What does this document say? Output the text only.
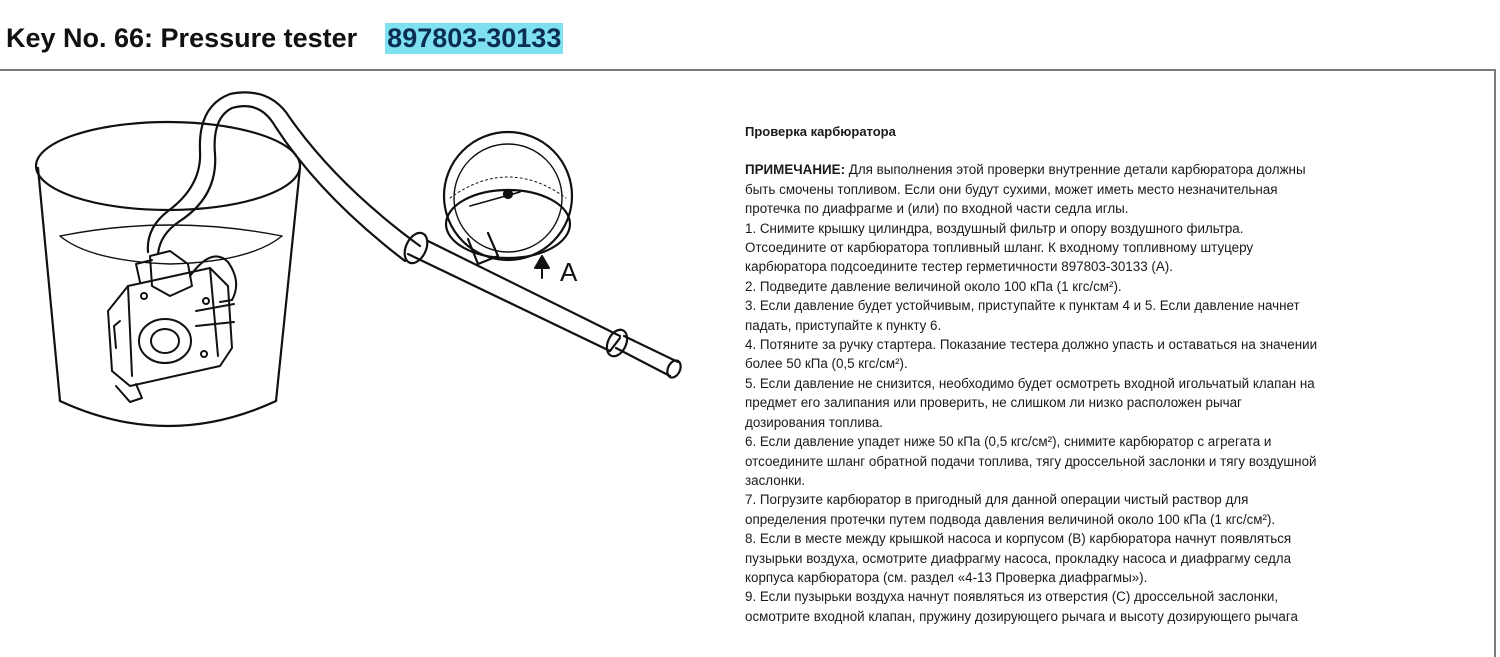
Key No. 66: Pressure tester 897803-30133
A
Проверка карбюратора
ПРИМЕЧАНИЕ: Для выполнения этой проверки внутренние детали карбюратора должны
быть смочены топливом. Если они будут сухими, может иметь место незначительная
протечка по диафрагме и (или) по входной части седла иглы.
1. Снимите крышку цилиндра, воздушный фильтр и опору воздушного фильтра.
Отсоедините от карбюратора топливный шланг. К входному топливному штуцеру
карбюратора подсоедините тестер герметичности 897803-30133 (A).
2. Подведите давление величиной около 100 кПа (1 кгс/см²).
3. Если давление будет устойчивым, приступайте к пунктам 4 и 5. Если давление начнет
падать, приступайте к пункту 6.
4. Потяните за ручку стартера. Показание тестера должно упасть и оставаться на значении
более 50 кПа (0,5 кгс/см²).
5. Если давление не снизится, необходимо будет осмотреть входной игольчатый клапан на
предмет его залипания или проверить, не слишком ли низко расположен рычаг
дозирования топлива.
6. Если давление упадет ниже 50 кПа (0,5 кгс/см²), снимите карбюратор с агрегата и
отсоедините шланг обратной подачи топлива, тягу дроссельной заслонки и тягу воздушной
заслонки.
7. Погрузите карбюратор в пригодный для данной операции чистый раствор для
определения протечки путем подвода давления величиной около 100 кПа (1 кгс/см²).
8. Если в месте между крышкой насоса и корпусом (B) карбюратора начнут появляться
пузырьки воздуха, осмотрите диафрагму насоса, прокладку насоса и диафрагму седла
корпуса карбюратора (см. раздел «4-13 Проверка диафрагмы»).
9. Если пузырьки воздуха начнут появляться из отверстия (C) дроссельной заслонки,
осмотрите входной клапан, пружину дозирующего рычага и высоту дозирующего рычага
